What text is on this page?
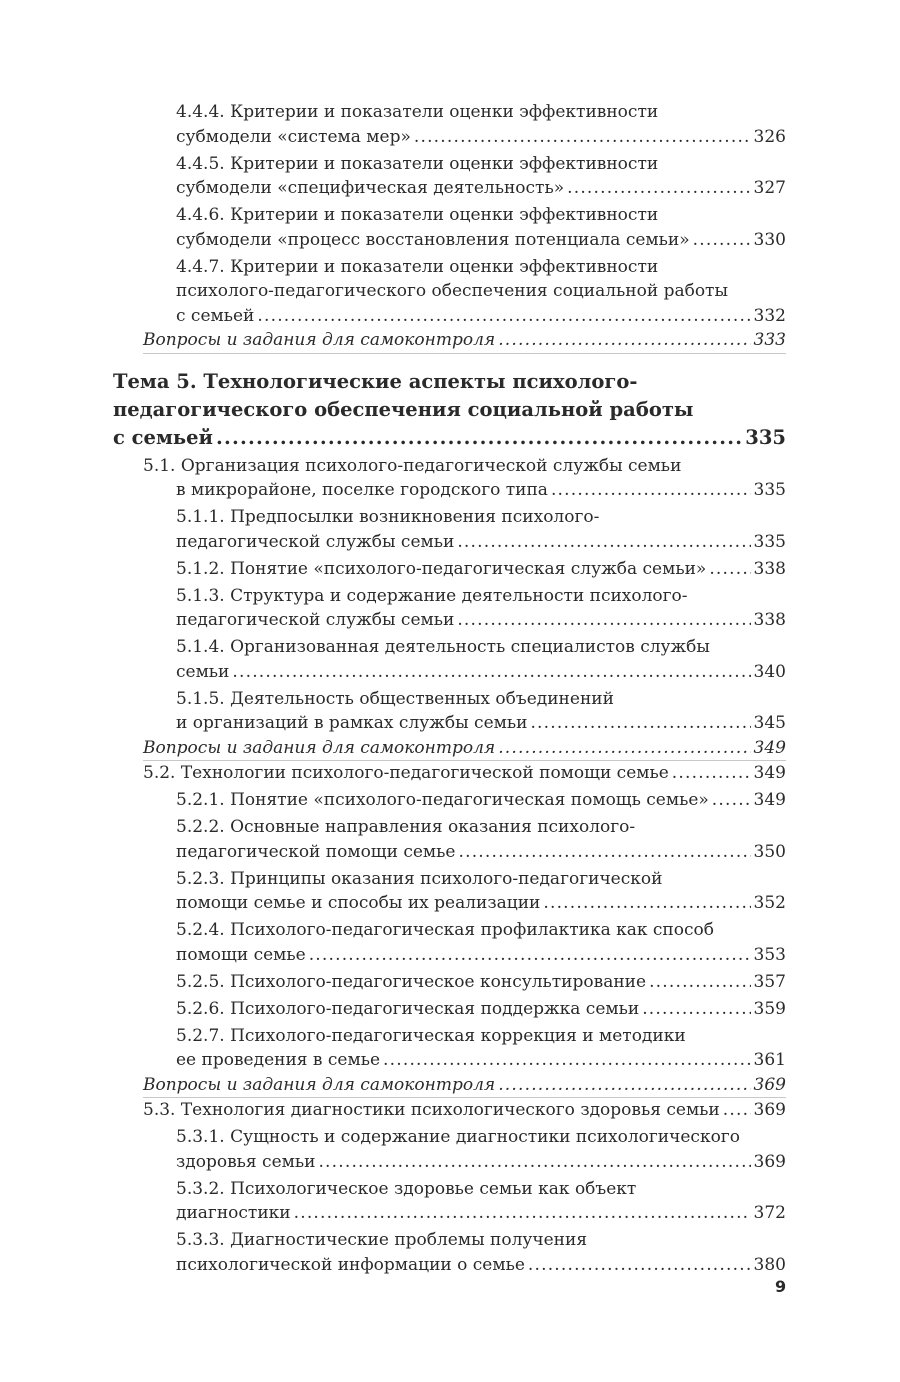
4.4.4. Критерии и показатели оценки эффективности
субмодели «система мер» .....	326
4.4.5. Критерии и показатели оценки эффективности
субмодели «специфическая деятельность» .....	327
4.4.6. Критерии и показатели оценки эффективности
субмодели «процесс восстановления потенциала семьи» .....	330
4.4.7. Критерии и показатели оценки эффективности
психолого-педагогического обеспечения социальной работы
с семьей .....	332
Вопросы и задания для самоконтроля .....	333
Тема 5. Технологические аспекты психолого-
педагогического обеспечения социальной работы
с семьей .....	335
5.1. Организация психолого-педагогической службы семьи
в микрорайоне, поселке городского типа .....	335
5.1.1. Предпосылки возникновения психолого-
педагогической службы семьи .....	335
5.1.2. Понятие «психолого-педагогическая служба семьи» .....	338
5.1.3. Структура и содержание деятельности психолого-
педагогической службы семьи .....	338
5.1.4. Организованная деятельность специалистов службы
семьи .....	340
5.1.5. Деятельность общественных объединений
и организаций в рамках службы семьи .....	345
Вопросы и задания для самоконтроля .....	349
5.2. Технологии психолого-педагогической помощи семье .....	349
5.2.1. Понятие «психолого-педагогическая помощь семье» .....	349
5.2.2. Основные направления оказания психолого-
педагогической помощи семье .....	350
5.2.3. Принципы оказания психолого-педагогической
помощи семье и способы их реализации .....	352
5.2.4. Психолого-педагогическая профилактика как способ
помощи семье .....	353
5.2.5. Психолого-педагогическое консультирование .....	357
5.2.6. Психолого-педагогическая поддержка семьи .....	359
5.2.7. Психолого-педагогическая коррекция и методики
ее проведения в семье .....	361
Вопросы и задания для самоконтроля .....	369
5.3. Технология диагностики психологического здоровья семьи ..... 369
5.3.1. Сущность и содержание диагностики психологического
здоровья семьи .....	369
5.3.2. Психологическое здоровье семьи как объект
диагностики .....	372
5.3.3. Диагностические проблемы получения
психологической информации о семье .....	380
9
